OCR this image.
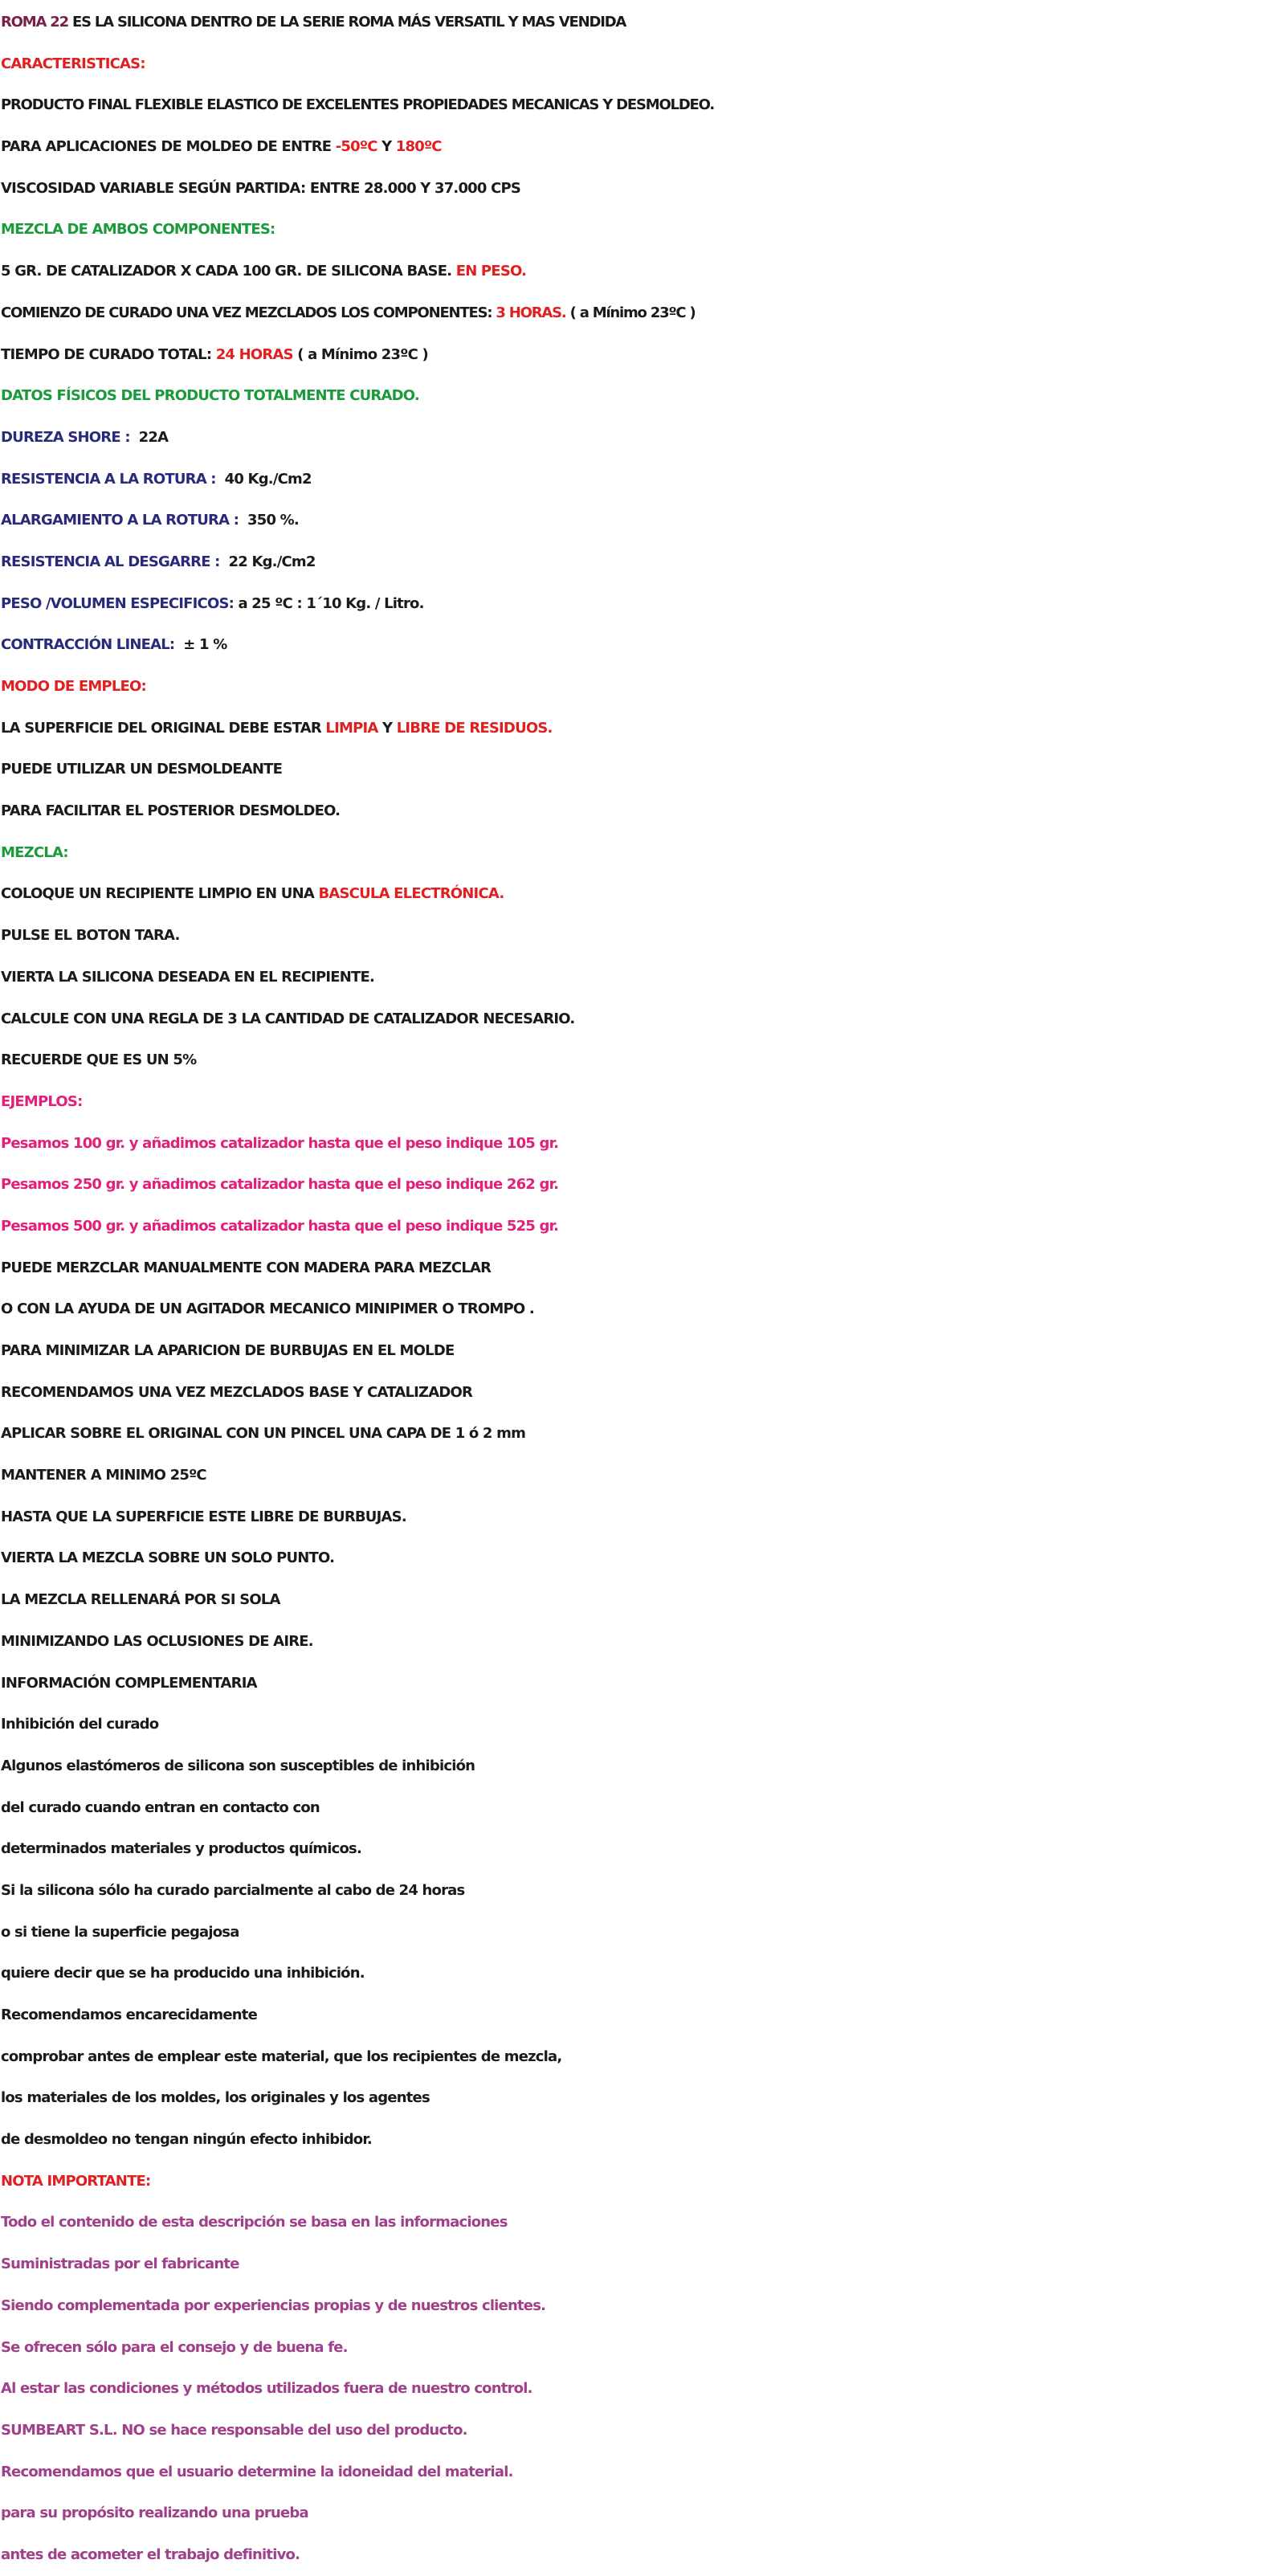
ROMA 22 ES LA SILICONA DENTRO DE LA SERIE ROMA MÁS VERSATIL Y MAS VENDIDA
CARACTERISTICAS:
PRODUCTO FINAL FLEXIBLE ELASTICO DE EXCELENTES PROPIEDADES MECANICAS Y DESMOLDEO.
PARA APLICACIONES DE MOLDEO DE ENTRE -50ºC Y 180ºC
VISCOSIDAD VARIABLE SEGÚN PARTIDA: ENTRE 28.000 Y 37.000 CPS
MEZCLA DE AMBOS COMPONENTES:
5 GR. DE CATALIZADOR X CADA 100 GR. DE SILICONA BASE. EN PESO.
COMIENZO DE CURADO UNA VEZ MEZCLADOS LOS COMPONENTES: 3 HORAS. ( a Mínimo 23ºC )
TIEMPO DE CURADO TOTAL: 24 HORAS ( a Mínimo 23ºC )
DATOS FÍSICOS DEL PRODUCTO TOTALMENTE CURADO.
DUREZA SHORE :  22A
RESISTENCIA A LA ROTURA :  40 Kg./Cm2
ALARGAMIENTO A LA ROTURA :  350 %.
RESISTENCIA AL DESGARRE :  22 Kg./Cm2
PESO /VOLUMEN ESPECIFICOS: a 25 ºC : 1´10 Kg. / Litro.
CONTRACCIÓN LINEAL:  ± 1 %
MODO DE EMPLEO:
LA SUPERFICIE DEL ORIGINAL DEBE ESTAR LIMPIA Y LIBRE DE RESIDUOS.
PUEDE UTILIZAR UN DESMOLDEANTE
PARA FACILITAR EL POSTERIOR DESMOLDEO.
MEZCLA:
COLOQUE UN RECIPIENTE LIMPIO EN UNA BASCULA ELECTRÓNICA.
PULSE EL BOTON TARA.
VIERTA LA SILICONA DESEADA EN EL RECIPIENTE.
CALCULE CON UNA REGLA DE 3 LA CANTIDAD DE CATALIZADOR NECESARIO.
RECUERDE QUE ES UN 5%
EJEMPLOS:
Pesamos 100 gr. y añadimos catalizador hasta que el peso indique 105 gr.
Pesamos 250 gr. y añadimos catalizador hasta que el peso indique 262 gr.
Pesamos 500 gr. y añadimos catalizador hasta que el peso indique 525 gr.
PUEDE MERZCLAR MANUALMENTE CON MADERA PARA MEZCLAR
O CON LA AYUDA DE UN AGITADOR MECANICO MINIPIMER O TROMPO .
PARA MINIMIZAR LA APARICION DE BURBUJAS EN EL MOLDE
RECOMENDAMOS UNA VEZ MEZCLADOS BASE Y CATALIZADOR
APLICAR SOBRE EL ORIGINAL CON UN PINCEL UNA CAPA DE 1 ó 2 mm
MANTENER A MINIMO 25ºC
HASTA QUE LA SUPERFICIE ESTE LIBRE DE BURBUJAS.
VIERTA LA MEZCLA SOBRE UN SOLO PUNTO.
LA MEZCLA RELLENARÁ POR SI SOLA
MINIMIZANDO LAS OCLUSIONES DE AIRE.
INFORMACIÓN COMPLEMENTARIA
Inhibición del curado
Algunos elastómeros de silicona son susceptibles de inhibición
del curado cuando entran en contacto con
determinados materiales y productos químicos.
Si la silicona sólo ha curado parcialmente al cabo de 24 horas
o si tiene la superficie pegajosa
quiere decir que se ha producido una inhibición.
Recomendamos encarecidamente
comprobar antes de emplear este material, que los recipientes de mezcla,
los materiales de los moldes, los originales y los agentes
de desmoldeo no tengan ningún efecto inhibidor.
NOTA IMPORTANTE:
Todo el contenido de esta descripción se basa en las informaciones
Suministradas por el fabricante
Siendo complementada por experiencias propias y de nuestros clientes.
Se ofrecen sólo para el consejo y de buena fe.
Al estar las condiciones y métodos utilizados fuera de nuestro control.
SUMBEART S.L. NO se hace responsable del uso del producto.
Recomendamos que el usuario determine la idoneidad del material.
para su propósito realizando una prueba
antes de acometer el trabajo definitivo.
